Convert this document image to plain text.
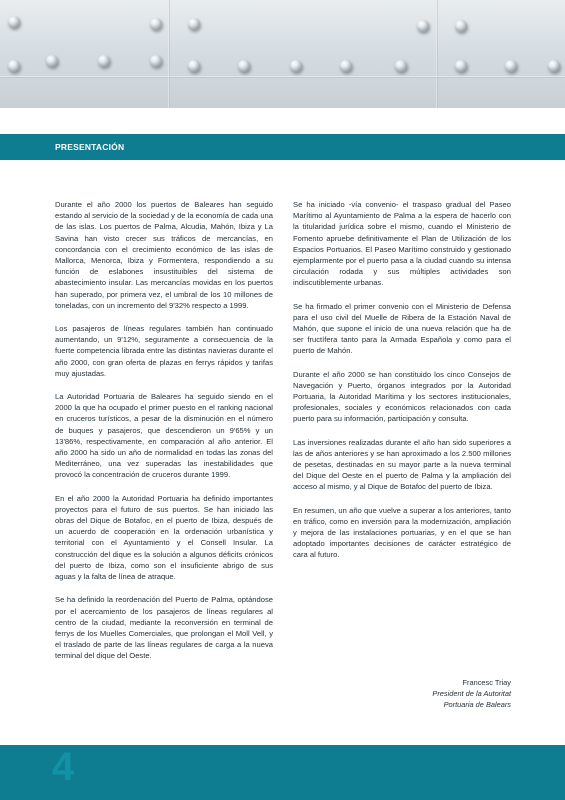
PRESENTACIÓN

Durante el año 2000 los puertos de Baleares han seguido estando al servicio de la sociedad y de la economía de cada una de las islas. Los puertos de Palma, Alcudia, Mahón, Ibiza y La Savina han visto crecer sus tráficos de mercancías, en concordancia con el crecimiento económico de las islas de Mallorca, Menorca, Ibiza y Formentera, respondiendo a su función de eslabones insustituibles del sistema de abastecimiento insular. Las mercancías movidas en los puertos han superado, por primera vez, el umbral de los 10 millones de toneladas, con un incremento del 9'32% respecto a 1999.

Los pasajeros de líneas regulares también han continuado aumentando, un 9'12%, seguramente a consecuencia de la fuerte competencia librada entre las distintas navieras durante el año 2000, con gran oferta de plazas en ferrys rápidos y tarifas muy ajustadas.

La Autoridad Portuaria de Baleares ha seguido siendo en el 2000 la que ha ocupado el primer puesto en el ranking nacional en cruceros turísticos, a pesar de la disminución en el número de buques y pasajeros, que descendieron un 9'65% y un 13'86%, respectivamente, en comparación al año anterior. El año 2000 ha sido un año de normalidad en todas las zonas del Mediterráneo, una vez superadas las inestabilidades que provocó la concentración de cruceros durante 1999.

En el año 2000 la Autoridad Portuaria ha definido importantes proyectos para el futuro de sus puertos. Se han iniciado las obras del Dique de Botafoc, en el puerto de Ibiza, después de un acuerdo de cooperación en la ordenación urbanística y territorial con el Ayuntamiento y el Consell Insular. La construcción del dique es la solución a algunos déficits crónicos del puerto de Ibiza, como son el insuficiente abrigo de sus aguas y la falta de línea de atraque.

Se ha definido la reordenación del Puerto de Palma, optándose por el acercamiento de los pasajeros de líneas regulares al centro de la ciudad, mediante la reconversión en terminal de ferrys de los Muelles Comerciales, que prolongan el Moll Vell, y el traslado de parte de las líneas regulares de carga a la nueva terminal del dique del Oeste.

Se ha iniciado -vía convenio- el traspaso gradual del Paseo Marítimo al Ayuntamiento de Palma a la espera de hacerlo con la titularidad jurídica sobre el mismo, cuando el Ministerio de Fomento apruebe definitivamente el Plan de Utilización de los Espacios Portuarios. El Paseo Marítimo construido y gestionado ejemplarmente por el puerto pasa a la ciudad cuando su intensa circulación rodada y sus múltiples actividades son indiscutiblemente urbanas.

Se ha firmado el primer convenio con el Ministerio de Defensa para el uso civil del Muelle de Ribera de la Estación Naval de Mahón, que supone el inicio de una nueva relación que ha de ser fructífera tanto para la Armada Española y como para el puerto de Mahón.

Durante el año 2000 se han constituido los cinco Consejos de Navegación y Puerto, órganos integrados por la Autoridad Portuaria, la Autoridad Marítima y los sectores institucionales, profesionales, sociales y económicos relacionados con cada puerto para su información, participación y consulta.

Las inversiones realizadas durante el año han sido superiores a las de años anteriores y se han aproximado a los 2.500 millones de pesetas, destinadas en su mayor parte a la nueva terminal del Dique del Oeste en el puerto de Palma y la ampliación del acceso al mismo, y al Dique de Botafoc del puerto de Ibiza.

En resumen, un año que vuelve a superar a los anteriores, tanto en tráfico, como en inversión para la modernización, ampliación y mejora de las instalaciones portuarias, y en el que se han adoptado importantes decisiones de carácter estratégico de cara al futuro.

Francesc Triay
President de la Autoritat
Portuaria de Balears
4
